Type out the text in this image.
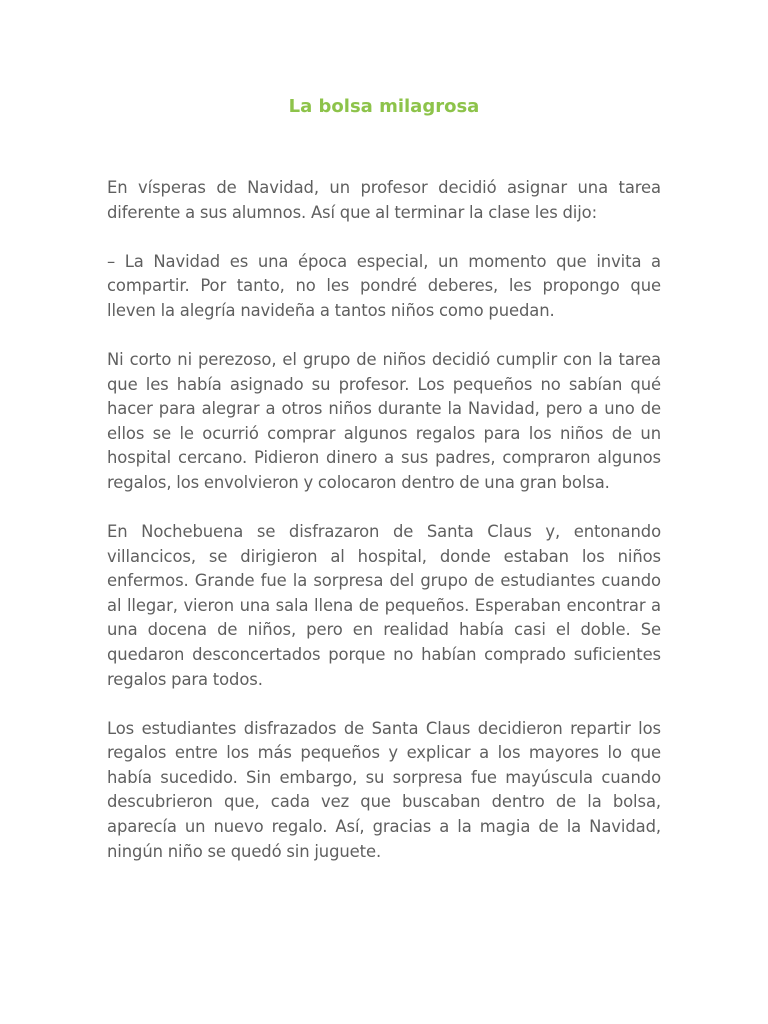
La bolsa milagrosa

En vísperas de Navidad, un profesor decidió asignar una tarea diferente a sus alumnos. Así que al terminar la clase les dijo:

– La Navidad es una época especial, un momento que invita a compartir. Por tanto, no les pondré deberes, les propongo que lleven la alegría navideña a tantos niños como puedan.

Ni corto ni perezoso, el grupo de niños decidió cumplir con la tarea que les había asignado su profesor. Los pequeños no sabían qué hacer para alegrar a otros niños durante la Navidad, pero a uno de ellos se le ocurrió comprar algunos regalos para los niños de un hospital cercano. Pidieron dinero a sus padres, compraron algunos regalos, los envolvieron y colocaron dentro de una gran bolsa.

En Nochebuena se disfrazaron de Santa Claus y, entonando villancicos, se dirigieron al hospital, donde estaban los niños enfermos. Grande fue la sorpresa del grupo de estudiantes cuando al llegar, vieron una sala llena de pequeños. Esperaban encontrar a una docena de niños, pero en realidad había casi el doble. Se quedaron desconcertados porque no habían comprado suficientes regalos para todos.

Los estudiantes disfrazados de Santa Claus decidieron repartir los regalos entre los más pequeños y explicar a los mayores lo que había sucedido. Sin embargo, su sorpresa fue mayúscula cuando descubrieron que, cada vez que buscaban dentro de la bolsa, aparecía un nuevo regalo. Así, gracias a la magia de la Navidad, ningún niño se quedó sin juguete.
